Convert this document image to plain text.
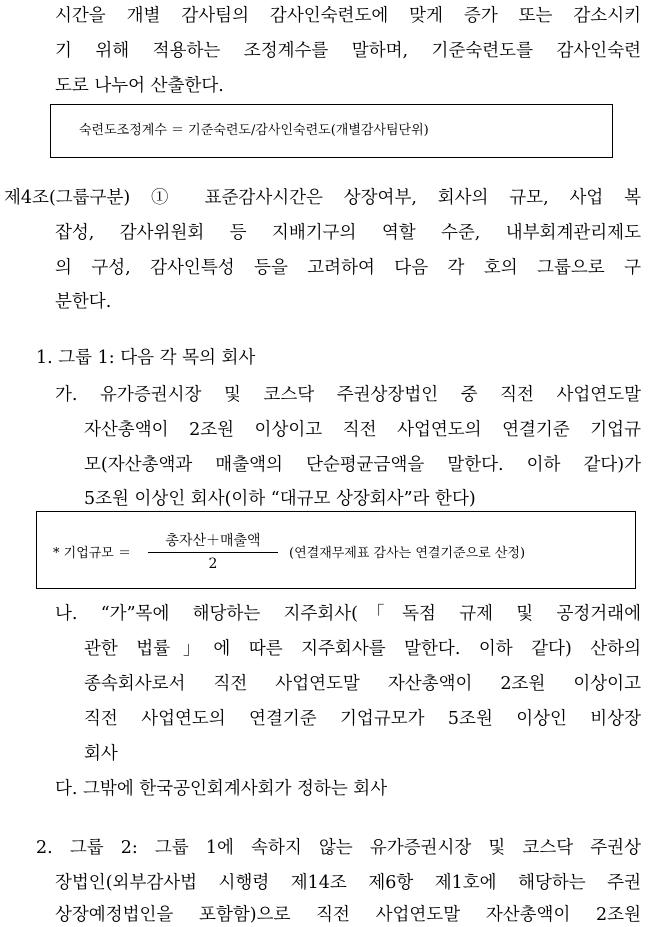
시간을 개별 감사팀의 감사인숙련도에 맞게 증가 또는 감소시키
기 위해 적용하는 조정계수를 말하며, 기준숙련도를 감사인숙련
도로 나누어 산출한다.
숙련도조정계수 ＝ 기준숙련도/감사인숙련도(개별감사팀단위)
제4조(그룹구분) ① 표준감사시간은 상장여부, 회사의 규모, 사업 복
잡성, 감사위원회 등 지배기구의 역할 수준, 내부회계관리제도
의 구성, 감사인특성 등을 고려하여 다음 각 호의 그룹으로 구
분한다.
1. 그룹 1: 다음 각 목의 회사
가. 유가증권시장 및 코스닥 주권상장법인 중 직전 사업연도말
자산총액이 2조원 이상이고 직전 사업연도의 연결기준 기업규
모(자산총액과 매출액의 단순평균금액을 말한다. 이하 같다)가
5조원 이상인 회사(이하 “대규모 상장회사”라 한다)
* 기업규모 ＝
총자산＋매출액
2
(연결재무제표 감사는 연결기준으로 산정)
나. “가”목에 해당하는 지주회사(「독점 규제 및 공정거래에
관한 법률」에 따른 지주회사를 말한다. 이하 같다) 산하의
종속회사로서 직전 사업연도말 자산총액이 2조원 이상이고
직전 사업연도의 연결기준 기업규모가 5조원 이상인 비상장
회사
다. 그밖에 한국공인회계사회가 정하는 회사
2. 그룹 2: 그룹 1에 속하지 않는 유가증권시장 및 코스닥 주권상
장법인(외부감사법 시행령 제14조 제6항 제1호에 해당하는 주권
상장예정법인을 포함함)으로 직전 사업연도말 자산총액이 2조원
